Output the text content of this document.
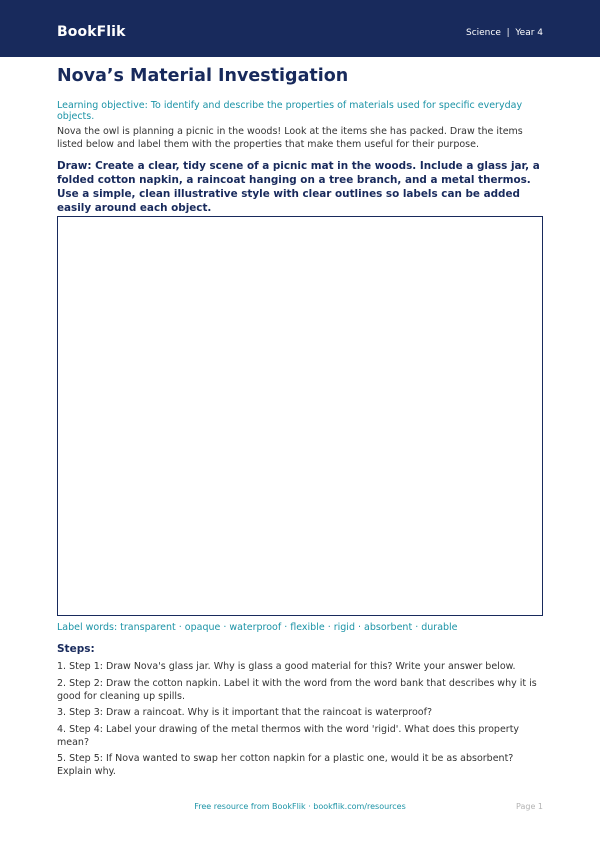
BookFlik	Science  |  Year 4
Nova’s Material Investigation
Learning objective: To identify and describe the properties of materials used for specific everyday objects.
Nova the owl is planning a picnic in the woods! Look at the items she has packed. Draw the items listed below and label them with the properties that make them useful for their purpose.
Draw: Create a clear, tidy scene of a picnic mat in the woods. Include a glass jar, a folded cotton napkin, a raincoat hanging on a tree branch, and a metal thermos. Use a simple, clean illustrative style with clear outlines so labels can be added easily around each object.
Label words: transparent · opaque · waterproof · flexible · rigid · absorbent · durable
Steps:
1. Step 1: Draw Nova's glass jar. Why is glass a good material for this? Write your answer below.
2. Step 2: Draw the cotton napkin. Label it with the word from the word bank that describes why it is good for cleaning up spills.
3. Step 3: Draw a raincoat. Why is it important that the raincoat is waterproof?
4. Step 4: Label your drawing of the metal thermos with the word 'rigid'. What does this property mean?
5. Step 5: If Nova wanted to swap her cotton napkin for a plastic one, would it be as absorbent? Explain why.
Free resource from BookFlik · bookflik.com/resources	Page 1
